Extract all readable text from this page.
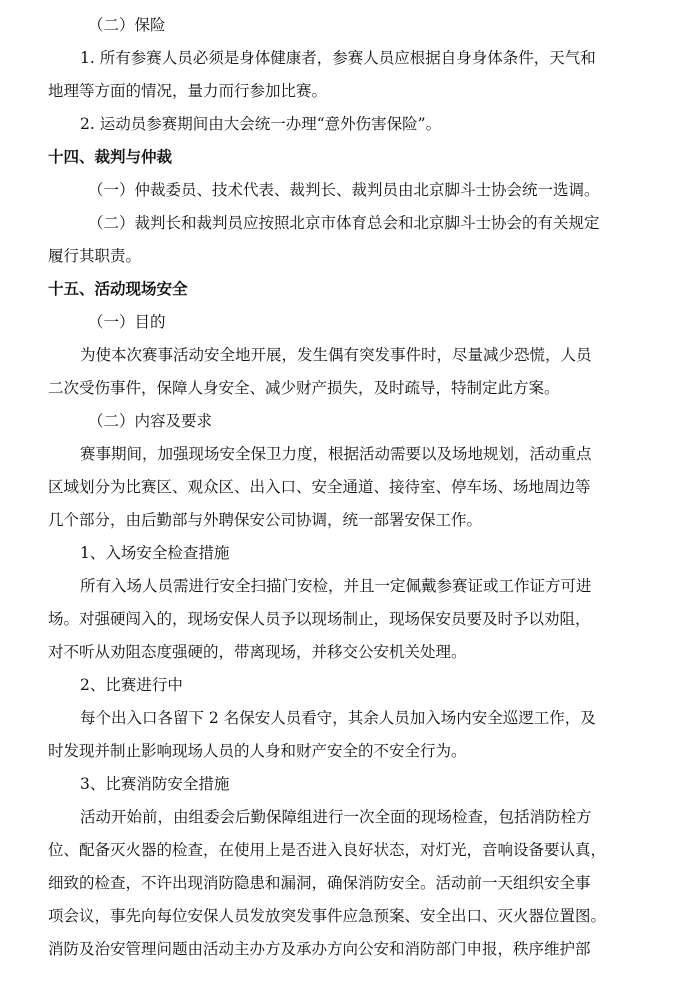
（二）保险
1. 所有参赛人员必须是身体健康者，参赛人员应根据自身身体条件，天气和
地理等方面的情况，量力而行参加比赛。
2. 运动员参赛期间由大会统一办理“意外伤害保险”。
十四、裁判与仲裁
（一）仲裁委员、技术代表、裁判长、裁判员由北京脚斗士协会统一选调。
（二）裁判长和裁判员应按照北京市体育总会和北京脚斗士协会的有关规定
履行其职责。
十五、活动现场安全
（一）目的
为使本次赛事活动安全地开展，发生偶有突发事件时，尽量减少恐慌，人员
二次受伤事件，保障人身安全、减少财产损失，及时疏导，特制定此方案。
（二）内容及要求
赛事期间，加强现场安全保卫力度，根据活动需要以及场地规划，活动重点
区域划分为比赛区、观众区、出入口、安全通道、接待室、停车场、场地周边等
几个部分，由后勤部与外聘保安公司协调，统一部署安保工作。
1、入场安全检查措施
所有入场人员需进行安全扫描门安检，并且一定佩戴参赛证或工作证方可进
场。对强硬闯入的，现场安保人员予以现场制止，现场保安员要及时予以劝阻，
对不听从劝阻态度强硬的，带离现场，并移交公安机关处理。
2、比赛进行中
每个出入口各留下 2 名保安人员看守，其余人员加入场内安全巡逻工作，及
时发现并制止影响现场人员的人身和财产安全的不安全行为。
3、比赛消防安全措施
活动开始前，由组委会后勤保障组进行一次全面的现场检查，包括消防栓方
位、配备灭火器的检查，在使用上是否进入良好状态，对灯光，音响设备要认真，
细致的检查，不许出现消防隐患和漏洞，确保消防安全。活动前一天组织安全事
项会议，事先向每位安保人员发放突发事件应急预案、安全出口、灭火器位置图。
消防及治安管理问题由活动主办方及承办方向公安和消防部门申报，秩序维护部
